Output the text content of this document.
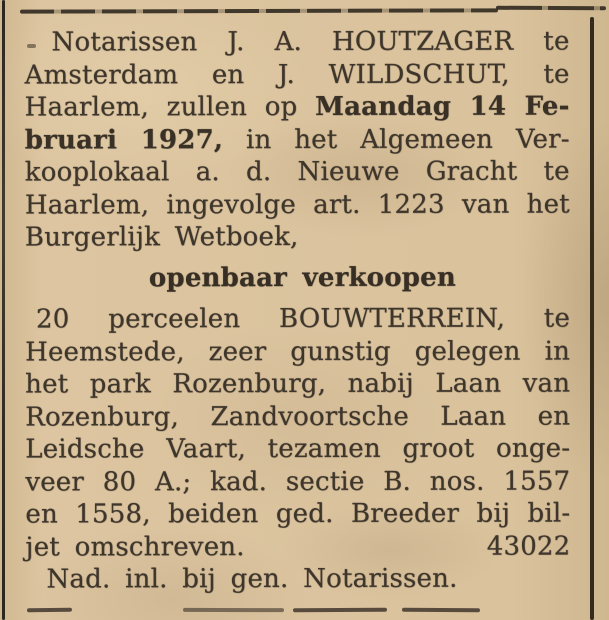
Notarissen J. A. HOUTZAGER te
Amsterdam en J. WILDSCHUT, te
Haarlem, zullen op Maandag 14 Fe-
bruari 1927, in het Algemeen Ver-
kooplokaal a. d. Nieuwe Gracht te
Haarlem, ingevolge art. 1223 van het
Burgerlijk Wetboek,
openbaar verkoopen
20 perceelen BOUWTERREIN, te
Heemstede, zeer gunstig gelegen in
het park Rozenburg, nabij Laan van
Rozenburg, Zandvoortsche Laan en
Leidsche Vaart, tezamen groot onge-
veer 80 A.; kad. sectie B. nos. 1557
en 1558, beiden ged. Breeder bij bil-
jet omschreven.	43022
Nad. inl. bij gen. Notarissen.
